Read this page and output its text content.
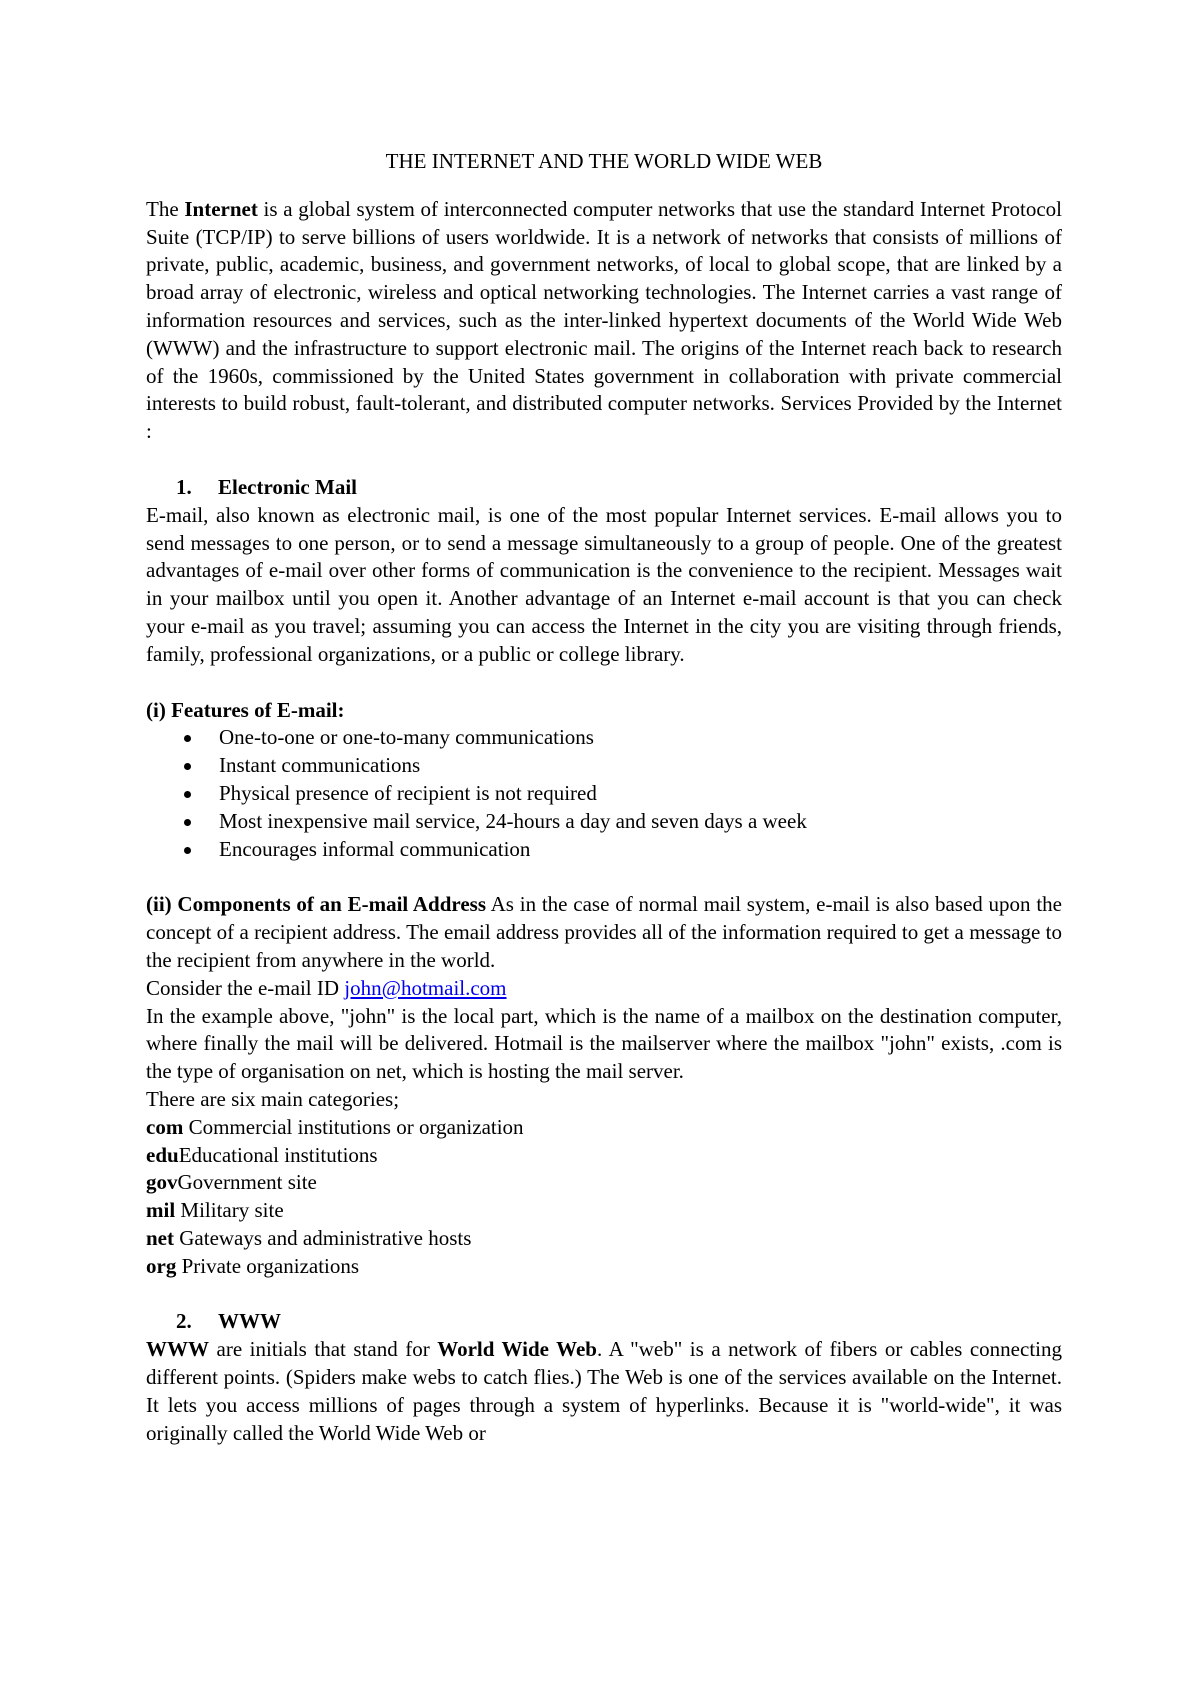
THE INTERNET AND THE WORLD WIDE WEB

The Internet is a global system of interconnected computer networks that use the standard Internet Protocol Suite (TCP/IP) to serve billions of users worldwide. It is a network of networks that consists of millions of private, public, academic, business, and government networks, of local to global scope, that are linked by a broad array of electronic, wireless and optical networking technologies. The Internet carries a vast range of information resources and services, such as the inter-linked hypertext documents of the World Wide Web (WWW) and the infrastructure to support electronic mail. The origins of the Internet reach back to research of the 1960s, commissioned by the United States government in collaboration with private commercial interests to build robust, fault-tolerant, and distributed computer networks. Services Provided by the Internet :

1. Electronic Mail

E-mail, also known as electronic mail, is one of the most popular Internet services. E-mail allows you to send messages to one person, or to send a message simultaneously to a group of people. One of the greatest advantages of e-mail over other forms of communication is the convenience to the recipient. Messages wait in your mailbox until you open it. Another advantage of an Internet e-mail account is that you can check your e-mail as you travel; assuming you can access the Internet in the city you are visiting through friends, family, professional organizations, or a public or college library.

(i) Features of E-mail:
One-to-one or one-to-many communications
Instant communications
Physical presence of recipient is not required
Most inexpensive mail service, 24-hours a day and seven days a week
Encourages informal communication

(ii) Components of an E-mail Address As in the case of normal mail system, e-mail is also based upon the concept of a recipient address. The email address provides all of the information required to get a message to the recipient from anywhere in the world.

Consider the e-mail ID john@hotmail.com

In the example above, "john" is the local part, which is the name of a mailbox on the destination computer, where finally the mail will be delivered. Hotmail is the mailserver where the mailbox "john" exists, .com is the type of organisation on net, which is hosting the mail server.

There are six main categories;

com Commercial institutions or organization

eduEducational institutions

govGovernment site

mil Military site

net Gateways and administrative hosts

org Private organizations

2. WWW

WWW are initials that stand for World Wide Web. A "web" is a network of fibers or cables connecting different points. (Spiders make webs to catch flies.) The Web is one of the services available on the Internet. It lets you access millions of pages through a system of hyperlinks. Because it is "world-wide", it was originally called the World Wide Web or
